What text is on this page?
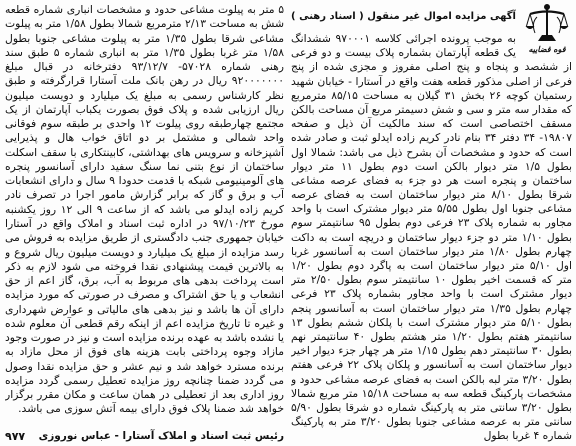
قوه قضاییه
آگهی مزایده اموال غیر منقول ( اسناد رهنی )
به موجب پرونده اجرائی کلاسه ۹۷۰۰۰۱ ششدانگ یک قطعه آپارتمان بشماره پلاک بیست و دو فرعی از ششصد و پنجاه و پنج اصلی مفروز و مجزی شده از پنج فرعی از اصلی مذکور قطعه هفت واقع در آستارا - خیابان شهید رستمیان کوچه ۲۶ بخش ۳۱ گیلان به مساحت ۸۵/۱۵ مترمربع که مقدار سه متر و سی و شش دسیمتر مربع آن مساحت بالکن مسقف اختصاصی است که سند مالکیت آن ذیل و صفحه ۱۹۸۰۷- ۳۴ دفتر ۳۴ بنام نادر کریم زاده ایدلو ثبت و صادر شده است که حدود و مشخصات آن بشرح ذیل می باشد: شمالا اول بطول ۱/۵ متر دیوار بالکن است دوم بطول ۱۱ متر دیوار ساختمان و پنجره است هر دو جزء به فضای عرصه مشاعی شرقا بطول ۸/۱۰ متر دیوار ساختمان است به فضای عرصه مشاعی جنوبا اول بطول ۵/۵۵ متر دیوار مشترک است با واحد مجاور به شماره پلاک ۲۳ فرعی دوم بطول ۹۵ سانتیمتر سوم بطول ۱/۱۰ متر دو جزء دیوار ساختمان و دریچه است به داکت چهارم بطول ۱/۸۰ متر دیوار ساختمان است به آسانسور غربا اول ۵/۱۰ متر دیوار ساختمان است به پاگرد دوم بطول ۱/۲۰ متر که قسمت اخیر بطول ۱۰ سانتیمتر سوم بطول ۲/۵۰ متر دیوار مشترک است با واحد مجاور بشماره پلاک ۲۳ فرعی چهارم بطول ۱/۳۵ متر دیوار ساختمان است به آسانسور پنجم بطول ۵/۱۰ متر دیوار مشترک است با پلکان ششم بطول ۱۳ سانتیمتر هفتم بطول ۱/۲۰ متر هشتم بطول ۴۰ سانتیمتر نهم بطول ۳۰ سانتیمتر دهم بطول ۱/۱۵ متر هر چهار جزء دیوار اخیر دیوار ساختمان است به آسانسور و پلکان پلاک ۲۲ فرعی هفتم بطول ۳/۲۰ متر لبه بالکن است به فضای عرصه مشاعی حدود و مشخصات پارکینگ قطعه سه به مساحت ۱۵/۱۸ متر مربع شمالا بطول ۳/۲۰ سانتی متر به پارکینگ شماره دو شرقا بطول ۵/۹۰ سانتی متر به عرصه مشاعی جنوبا بطول ۳/۲۰ متر به پارکینگ شماره ۴ غربا بطول
۵ متر به پیلوت مشاعی حدود و مشخصات انباری شماره قطعه شش به مساحت ۲/۱۳ مترمربع شمالا بطول ۱/۵۸ متر به پیلوت مشاعی شرقا بطول ۱/۳۵ متر به پیلوت مشاعی جنوبا بطول ۱/۵۸ متر غربا بطول ۱/۳۵ متر به انباری شماره ۵ طبق سند رهنی شماره ۵۷۰۲۸- ۹۳/۱۲/۷ دفترخانه در قبال مبلغ ۹۲۰۰۰۰۰۰۰ ریال در رهن بانک ملت آستارا قرارگرفته و طبق نظر کارشناس رسمی به مبلغ یک میلیارد و دویست میلیون ریال ارزیابی شده و پلاک فوق بصورت یکباب آپارتمان از یک مجتمع چهارطبقه روی پیلوت ۱۲ واحدی بر طبقه سوم فوقانی واحد شمالی و مشتمل بر دو اتاق خواب هال و پذیرایی آشپزخانه و سرویس های بهداشتی، کابینتکاری با سقف اسکلت ساختمان از نوع بتنی نما سنگ سفید دارای آسانسور پنجره های آلومینیومی شبکه با قدمت حدودا ۹ سال و دارای انشعابات آب و برق و گاز که برابر گزارش مامور اجرا در تصرف نادر کریم زاده ایدلو می باشد که از ساعت ۹ الی ۱۲ روز یکشنبه مورخ ۹۷/۱۰/۲۳ در اداره ثبت اسناد و املاک واقع در آستارا خیابان جمهوری جنب دادگستری از طریق مزایده به فروش می رسد مزایده از مبلغ یک میلیارد و دویست میلیون ریال شروع و به بالاترین قیمت پیشنهادی نقدا فروخته می شود لازم به ذکر است پرداخت بدهی های مربوط به آب، برق، گاز اعم از حق انشعاب و یا حق اشتراک و مصرف در صورتی که مورد مزایده دارای آن ها باشد و نیز بدهی های مالیاتی و عوارض شهرداری و غیره تا تاریخ مزایده اعم از اینکه رقم قطعی آن معلوم شده یا نشده باشد به عهده برنده مزایده است و نیز در صورت وجود مازاد وجوه پرداختی بابت هزینه های فوق از محل مازاد به برنده مسترد خواهد شد و نیم عشر و حق مزایده نقدا وصول می گردد ضمنا چنانچه روز مزایده تعطیل رسمی گردد مزایده روز اداری بعد از تعطیلی در همان ساعت و مکان مقرر برگزار خواهد شد ضمنا پلاک فوق دارای بیمه آتش سوزی می باشد.
رئیس ثبت اسناد و املاک آستارا - عباس نوروزی
۹۷۷
